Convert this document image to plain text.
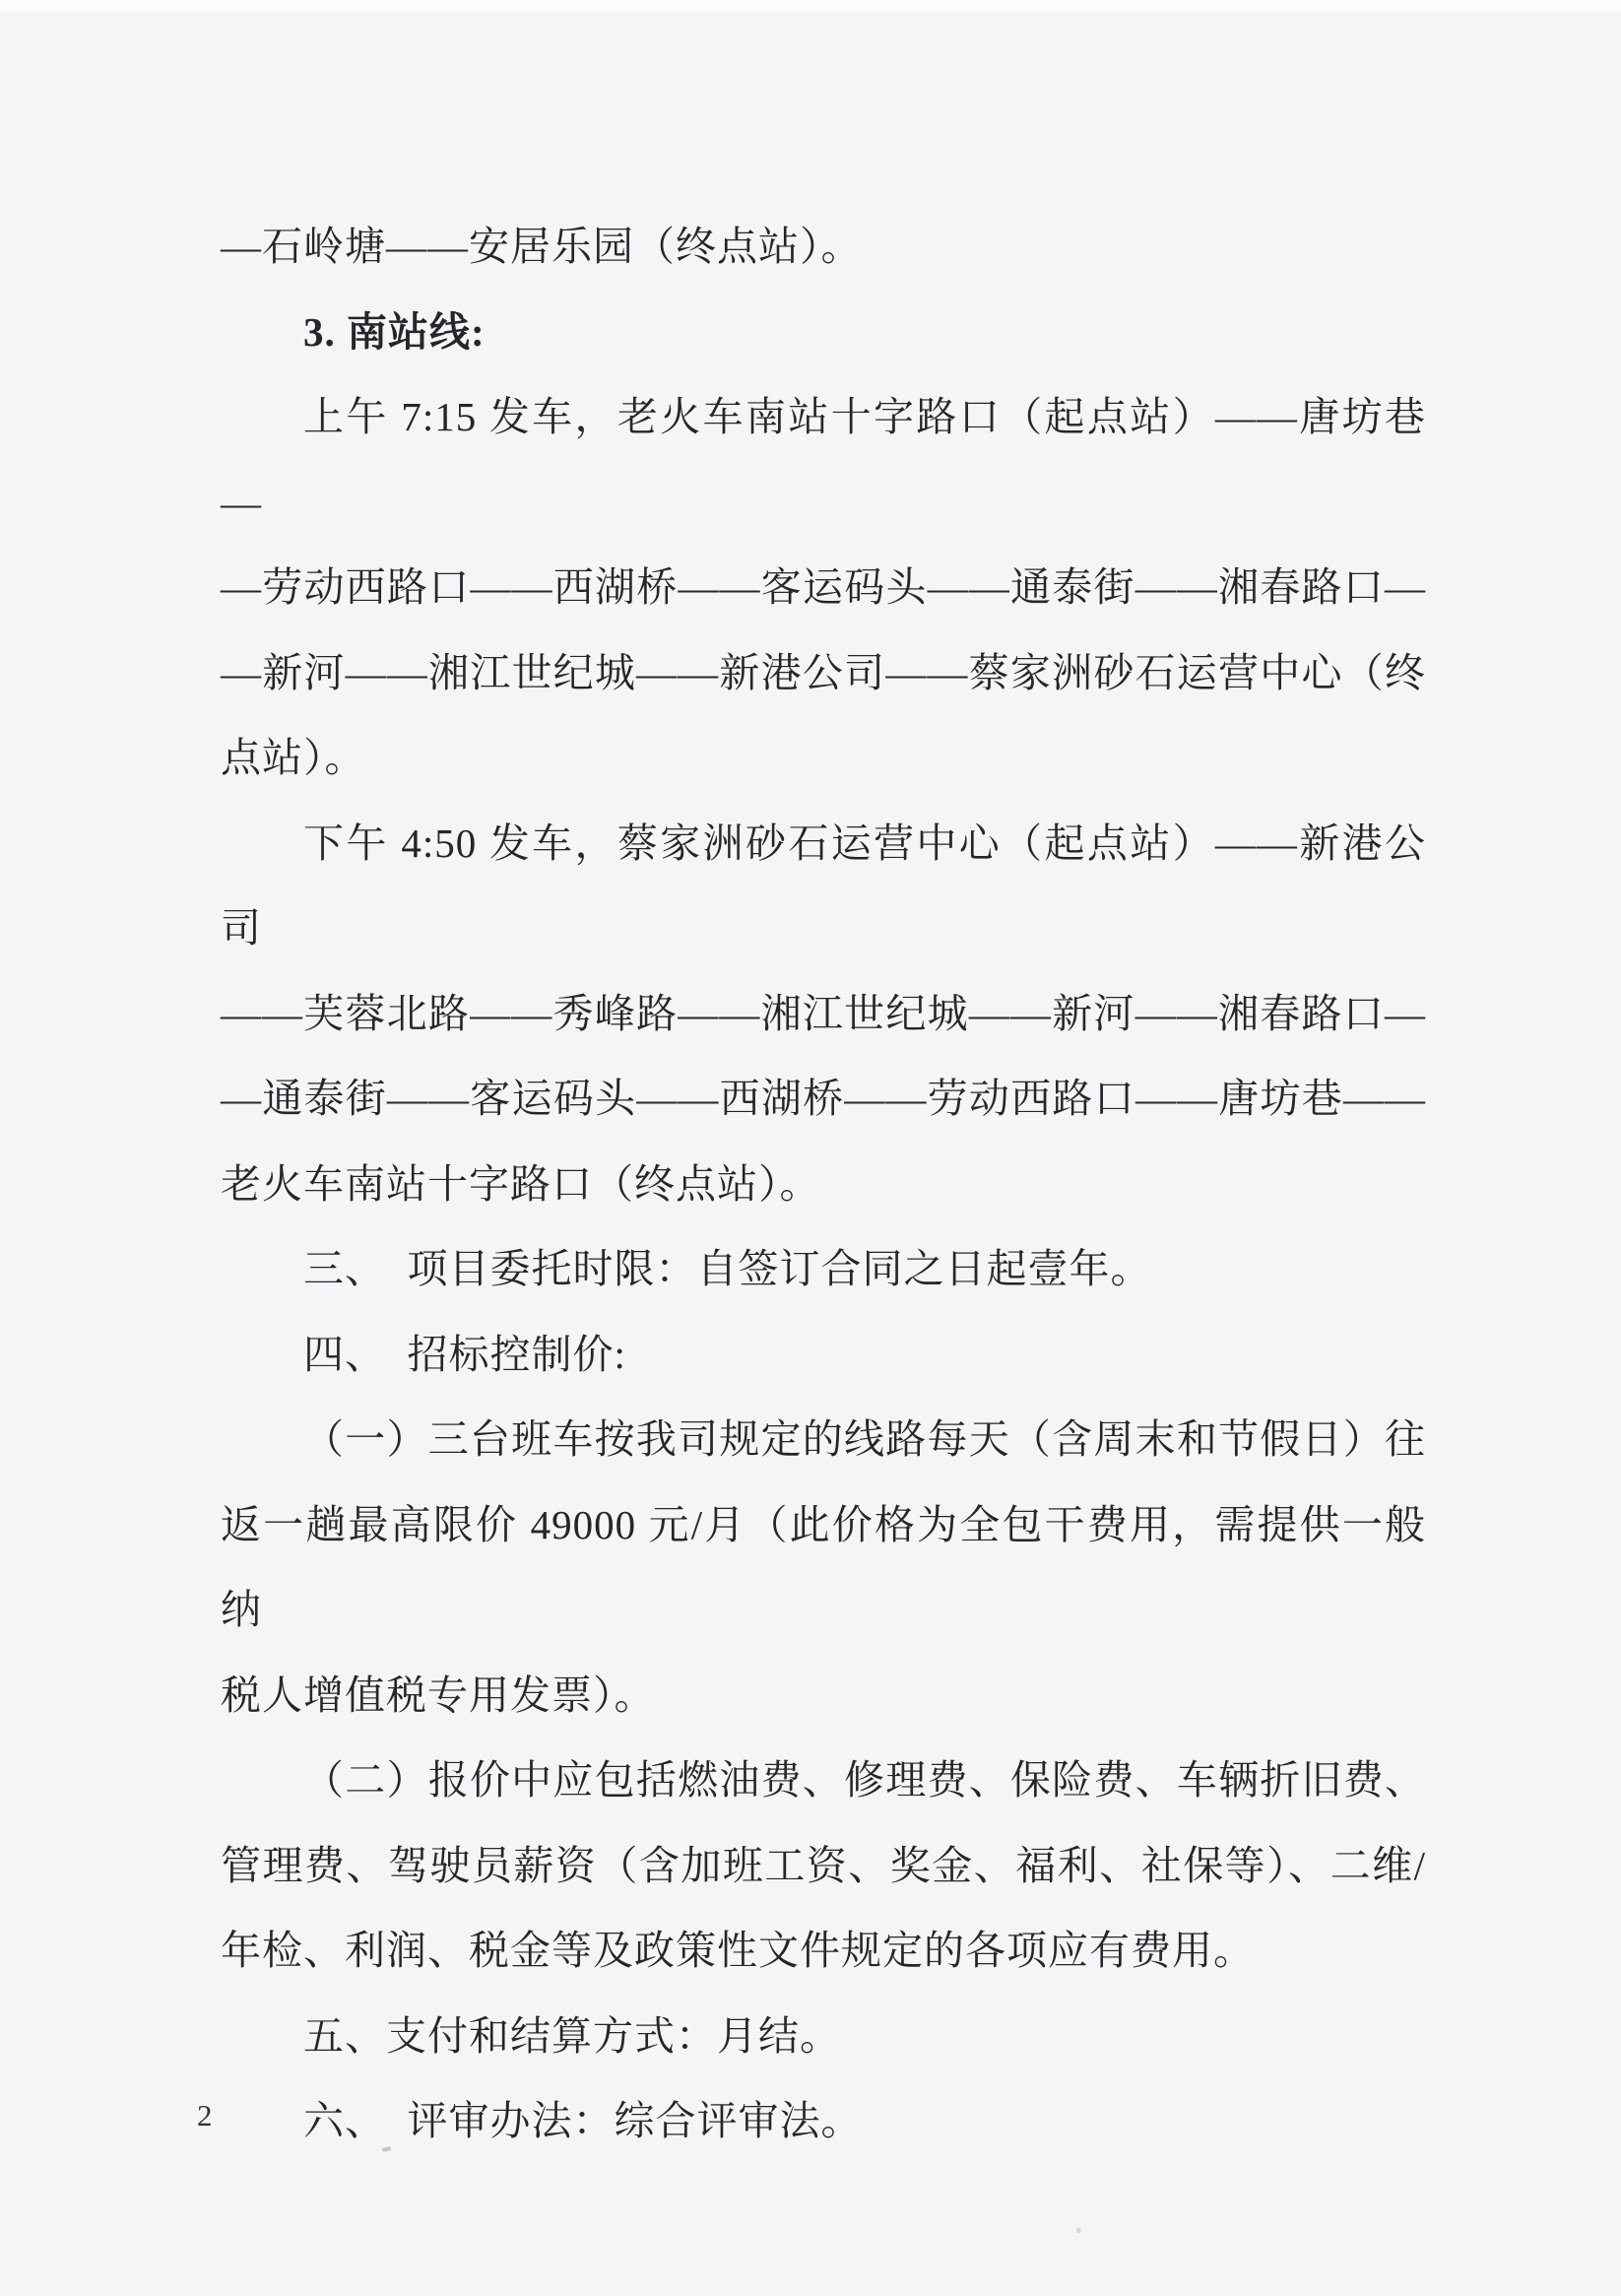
—石岭塘——安居乐园（终点站）。
3. 南站线:
上午 7:15 发车，老火车南站十字路口（起点站）——唐坊巷—
—劳动西路口——西湖桥——客运码头——通泰街——湘春路口—
—新河——湘江世纪城——新港公司——蔡家洲砂石运营中心（终
点站）。
下午 4:50 发车，蔡家洲砂石运营中心（起点站）——新港公司
——芙蓉北路——秀峰路——湘江世纪城——新河——湘春路口—
—通泰街——客运码头——西湖桥——劳动西路口——唐坊巷——
老火车南站十字路口（终点站）。
三、　项目委托时限：自签订合同之日起壹年。
四、　招标控制价:
（一）三台班车按我司规定的线路每天（含周末和节假日）往
返一趟最高限价 49000 元/月（此价格为全包干费用，需提供一般纳
税人增值税专用发票）。
（二）报价中应包括燃油费、修理费、保险费、车辆折旧费、
管理费、驾驶员薪资（含加班工资、奖金、福利、社保等）、二维/
年检、利润、税金等及政策性文件规定的各项应有费用。
五、支付和结算方式：月结。
六、　评审办法：综合评审法。
2
